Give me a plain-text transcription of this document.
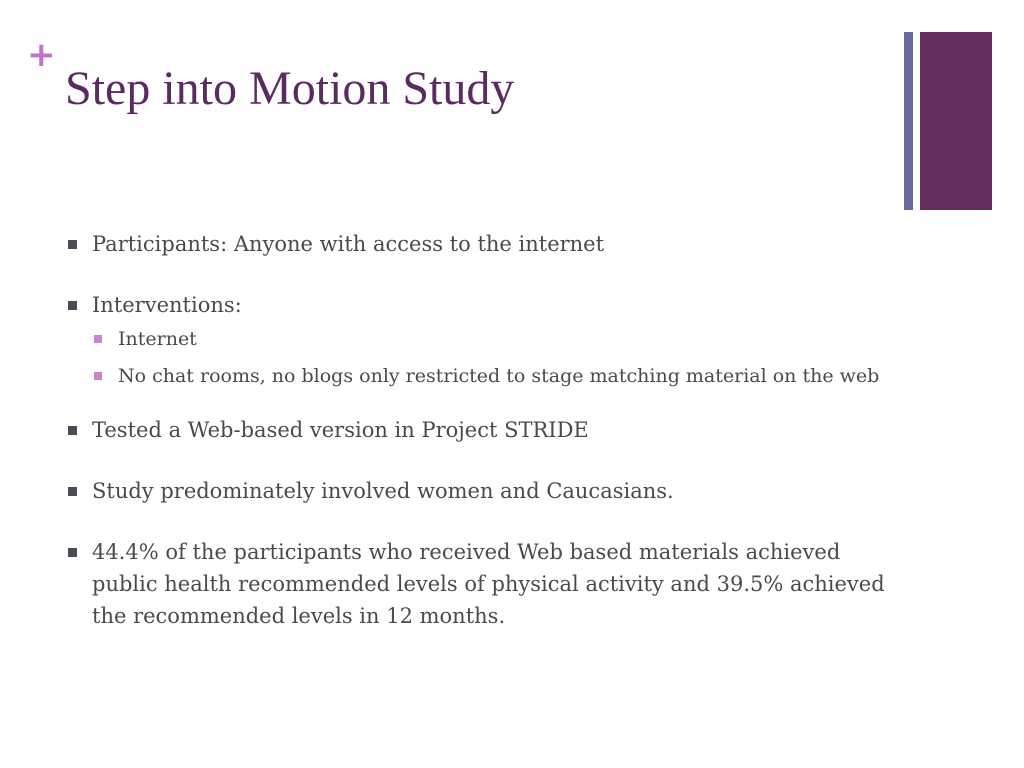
+
Step into Motion Study
Participants: Anyone with access to the internet
Interventions:
Internet
No chat rooms, no blogs only restricted to stage matching material on the web
Tested a Web-based version in Project STRIDE
Study predominately involved women and Caucasians.
44.4% of the participants who received Web based materials achieved public health recommended levels of physical activity and 39.5% achieved the recommended levels in 12 months.
